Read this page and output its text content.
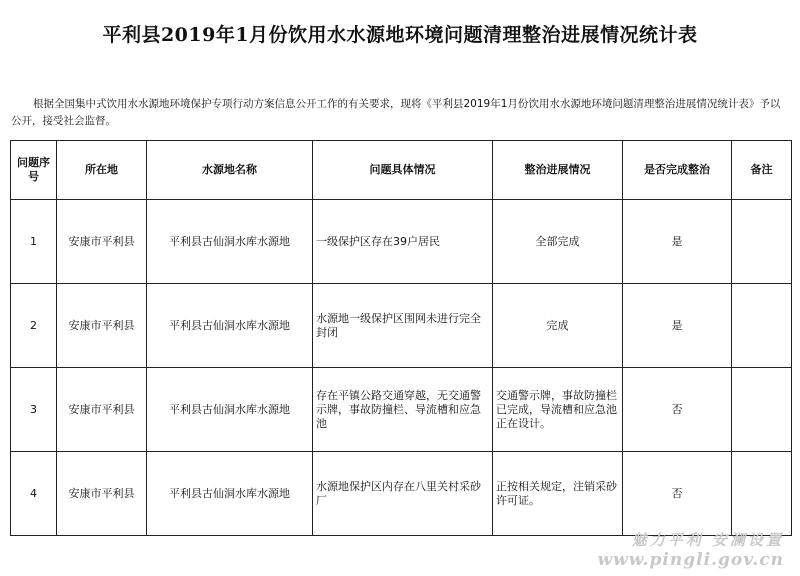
平利县2019年1月份饮用水水源地环境问题清理整治进展情况统计表
根据全国集中式饮用水水源地环境保护专项行动方案信息公开工作的有关要求，现将《平利县2019年1月份饮用水水源地环境问题清理整治进展情况统计表》予以公开，接受社会监督。
问题序号	所在地	水源地名称	问题具体情况	整治进展情况	是否完成整治	备注
1	安康市平利县	平利县古仙洞水库水源地	一级保护区存在39户居民	全部完成	是	
2	安康市平利县	平利县古仙洞水库水源地	水源地一级保护区围网未进行完全封闭	完成	是	
3	安康市平利县	平利县古仙洞水库水源地	存在平镇公路交通穿越，无交通警示牌，事故防撞栏、导流槽和应急池	交通警示牌，事故防撞栏已完成，导流槽和应急池正在设计。	否	
4	安康市平利县	平利县古仙洞水库水源地	水源地保护区内存在八里关村采砂厂	正按相关规定，注销采砂许可证。	否	
魅力平利 安澜设置
www.pingli.gov.cn
